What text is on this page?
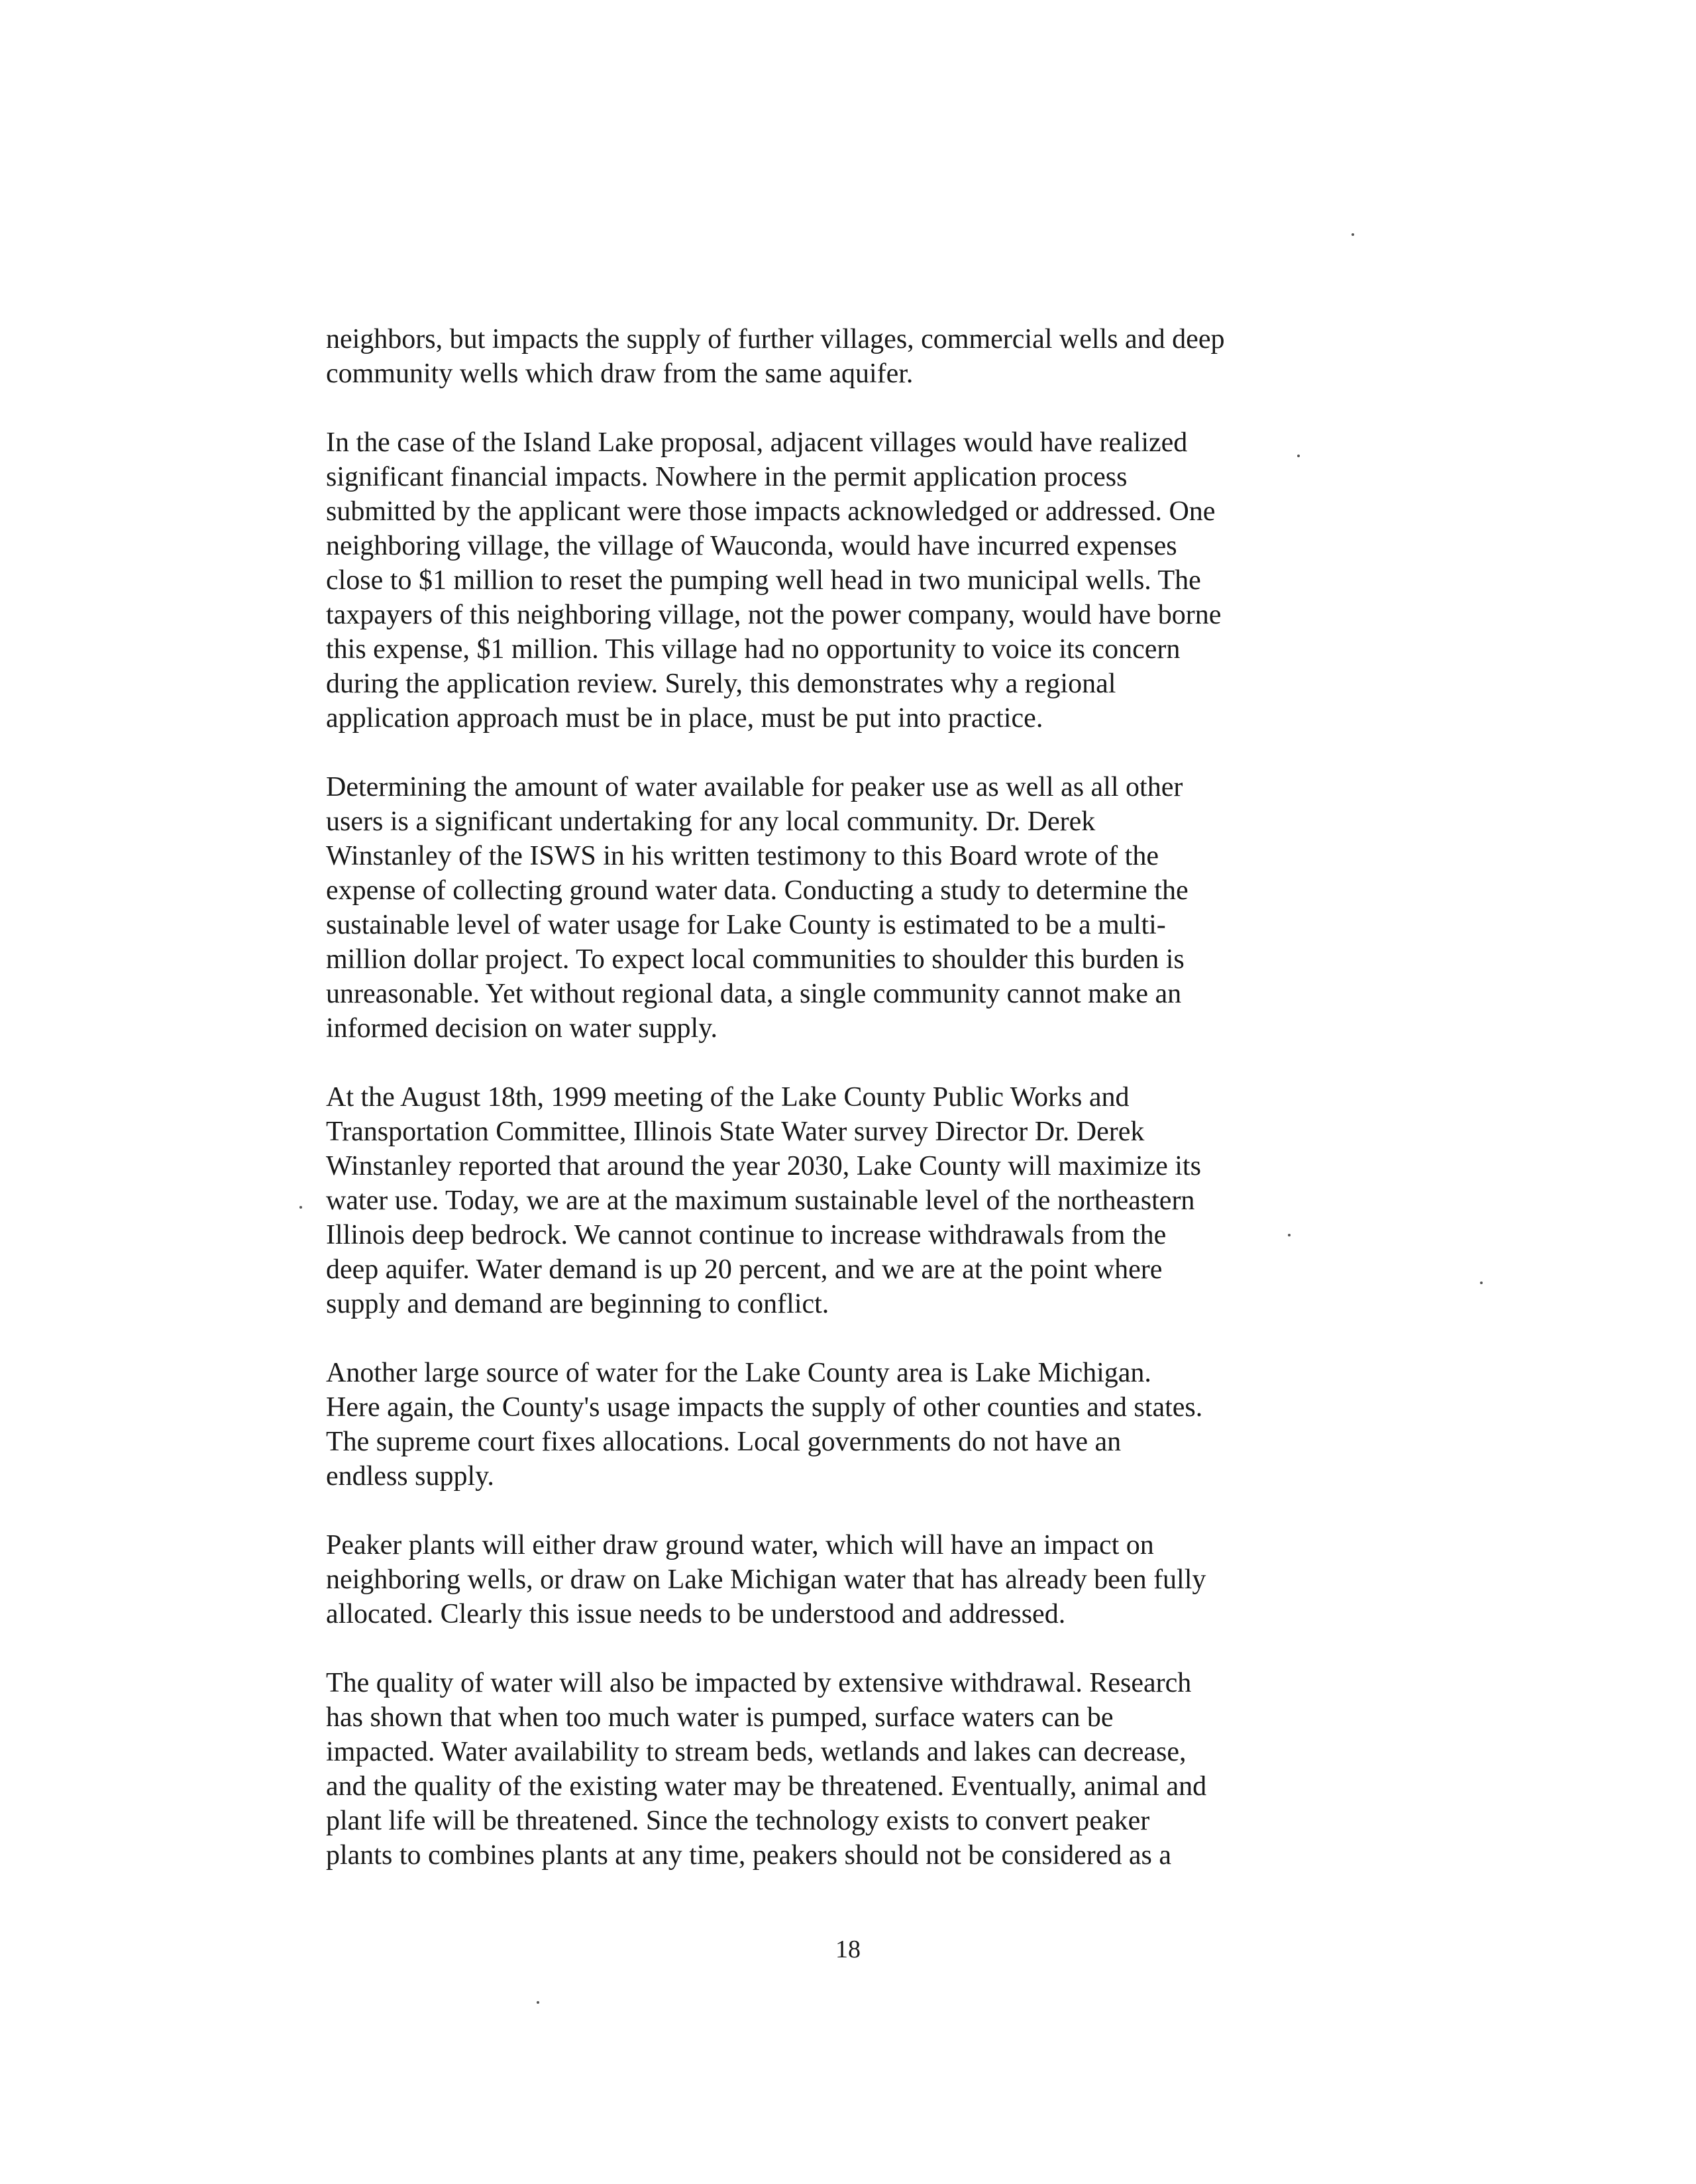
neighbors, but impacts the supply of further villages, commercial wells and deep
community wells which draw from the same aquifer.

In the case of the Island Lake proposal, adjacent villages would have realized
significant financial impacts. Nowhere in the permit application process
submitted by the applicant were those impacts acknowledged or addressed. One
neighboring village, the village of Wauconda, would have incurred expenses
close to $1 million to reset the pumping well head in two municipal wells. The
taxpayers of this neighboring village, not the power company, would have borne
this expense, $1 million. This village had no opportunity to voice its concern
during the application review. Surely, this demonstrates why a regional
application approach must be in place, must be put into practice.

Determining the amount of water available for peaker use as well as all other
users is a significant undertaking for any local community. Dr. Derek
Winstanley of the ISWS in his written testimony to this Board wrote of the
expense of collecting ground water data. Conducting a study to determine the
sustainable level of water usage for Lake County is estimated to be a multi-
million dollar project. To expect local communities to shoulder this burden is
unreasonable. Yet without regional data, a single community cannot make an
informed decision on water supply.

At the August 18th, 1999 meeting of the Lake County Public Works and
Transportation Committee, Illinois State Water survey Director Dr. Derek
Winstanley reported that around the year 2030, Lake County will maximize its
water use. Today, we are at the maximum sustainable level of the northeastern
Illinois deep bedrock. We cannot continue to increase withdrawals from the
deep aquifer. Water demand is up 20 percent, and we are at the point where
supply and demand are beginning to conflict.

Another large source of water for the Lake County area is Lake Michigan.
Here again, the County's usage impacts the supply of other counties and states.
The supreme court fixes allocations. Local governments do not have an
endless supply.

Peaker plants will either draw ground water, which will have an impact on
neighboring wells, or draw on Lake Michigan water that has already been fully
allocated. Clearly this issue needs to be understood and addressed.

The quality of water will also be impacted by extensive withdrawal. Research
has shown that when too much water is pumped, surface waters can be
impacted. Water availability to stream beds, wetlands and lakes can decrease,
and the quality of the existing water may be threatened. Eventually, animal and
plant life will be threatened. Since the technology exists to convert peaker
plants to combines plants at any time, peakers should not be considered as a

18
